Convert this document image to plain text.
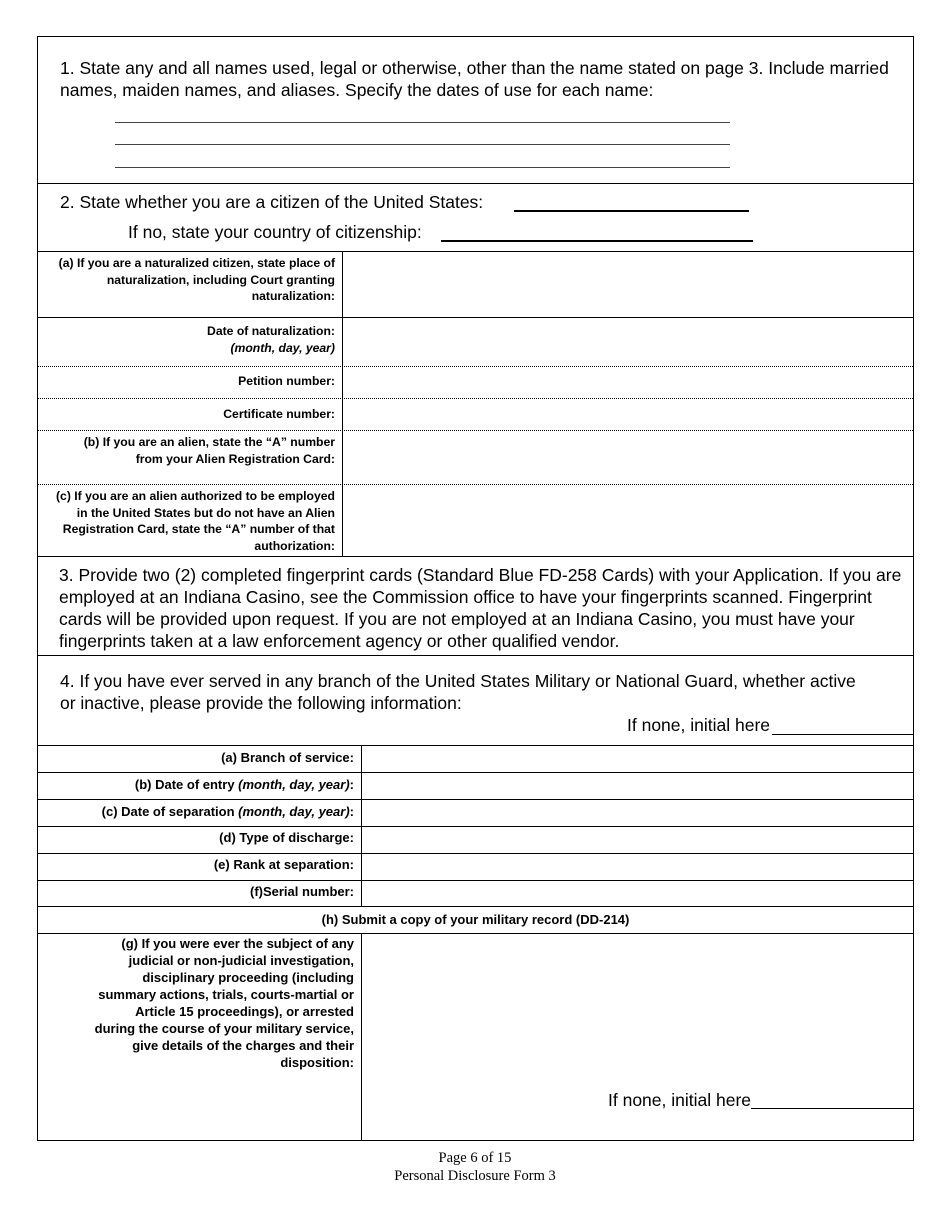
1. State any and all names used, legal or otherwise, other than the name stated on page 3. Include married names, maiden names, and aliases. Specify the dates of use for each name:
2. State whether you are a citizen of the United States:
If no, state your country of citizenship:
(a) If you are a naturalized citizen, state place of naturalization, including Court granting naturalization:
Date of naturalization:
(month, day, year)
Petition number:
Certificate number:
(b) If you are an alien, state the “A” number from your Alien Registration Card:
(c) If you are an alien authorized to be employed in the United States but do not have an Alien Registration Card, state the “A” number of that authorization:
3. Provide two (2) completed fingerprint cards (Standard Blue FD-258 Cards) with your Application. If you are employed at an Indiana Casino, see the Commission office to have your fingerprints scanned. Fingerprint cards will be provided upon request. If you are not employed at an Indiana Casino, you must have your fingerprints taken at a law enforcement agency or other qualified vendor.
4. If you have ever served in any branch of the United States Military or National Guard, whether active or inactive, please provide the following information:
If none, initial here
(a) Branch of service:
(b) Date of entry (month, day, year):
(c) Date of separation (month, day, year):
(d) Type of discharge:
(e) Rank at separation:
(f)Serial number:
(h) Submit a copy of your military record (DD-214)
(g) If you were ever the subject of any judicial or non-judicial investigation, disciplinary proceeding (including summary actions, trials, courts-martial or Article 15 proceedings), or arrested during the course of your military service, give details of the charges and their disposition:
If none, initial here
Page 6 of 15
Personal Disclosure Form 3
